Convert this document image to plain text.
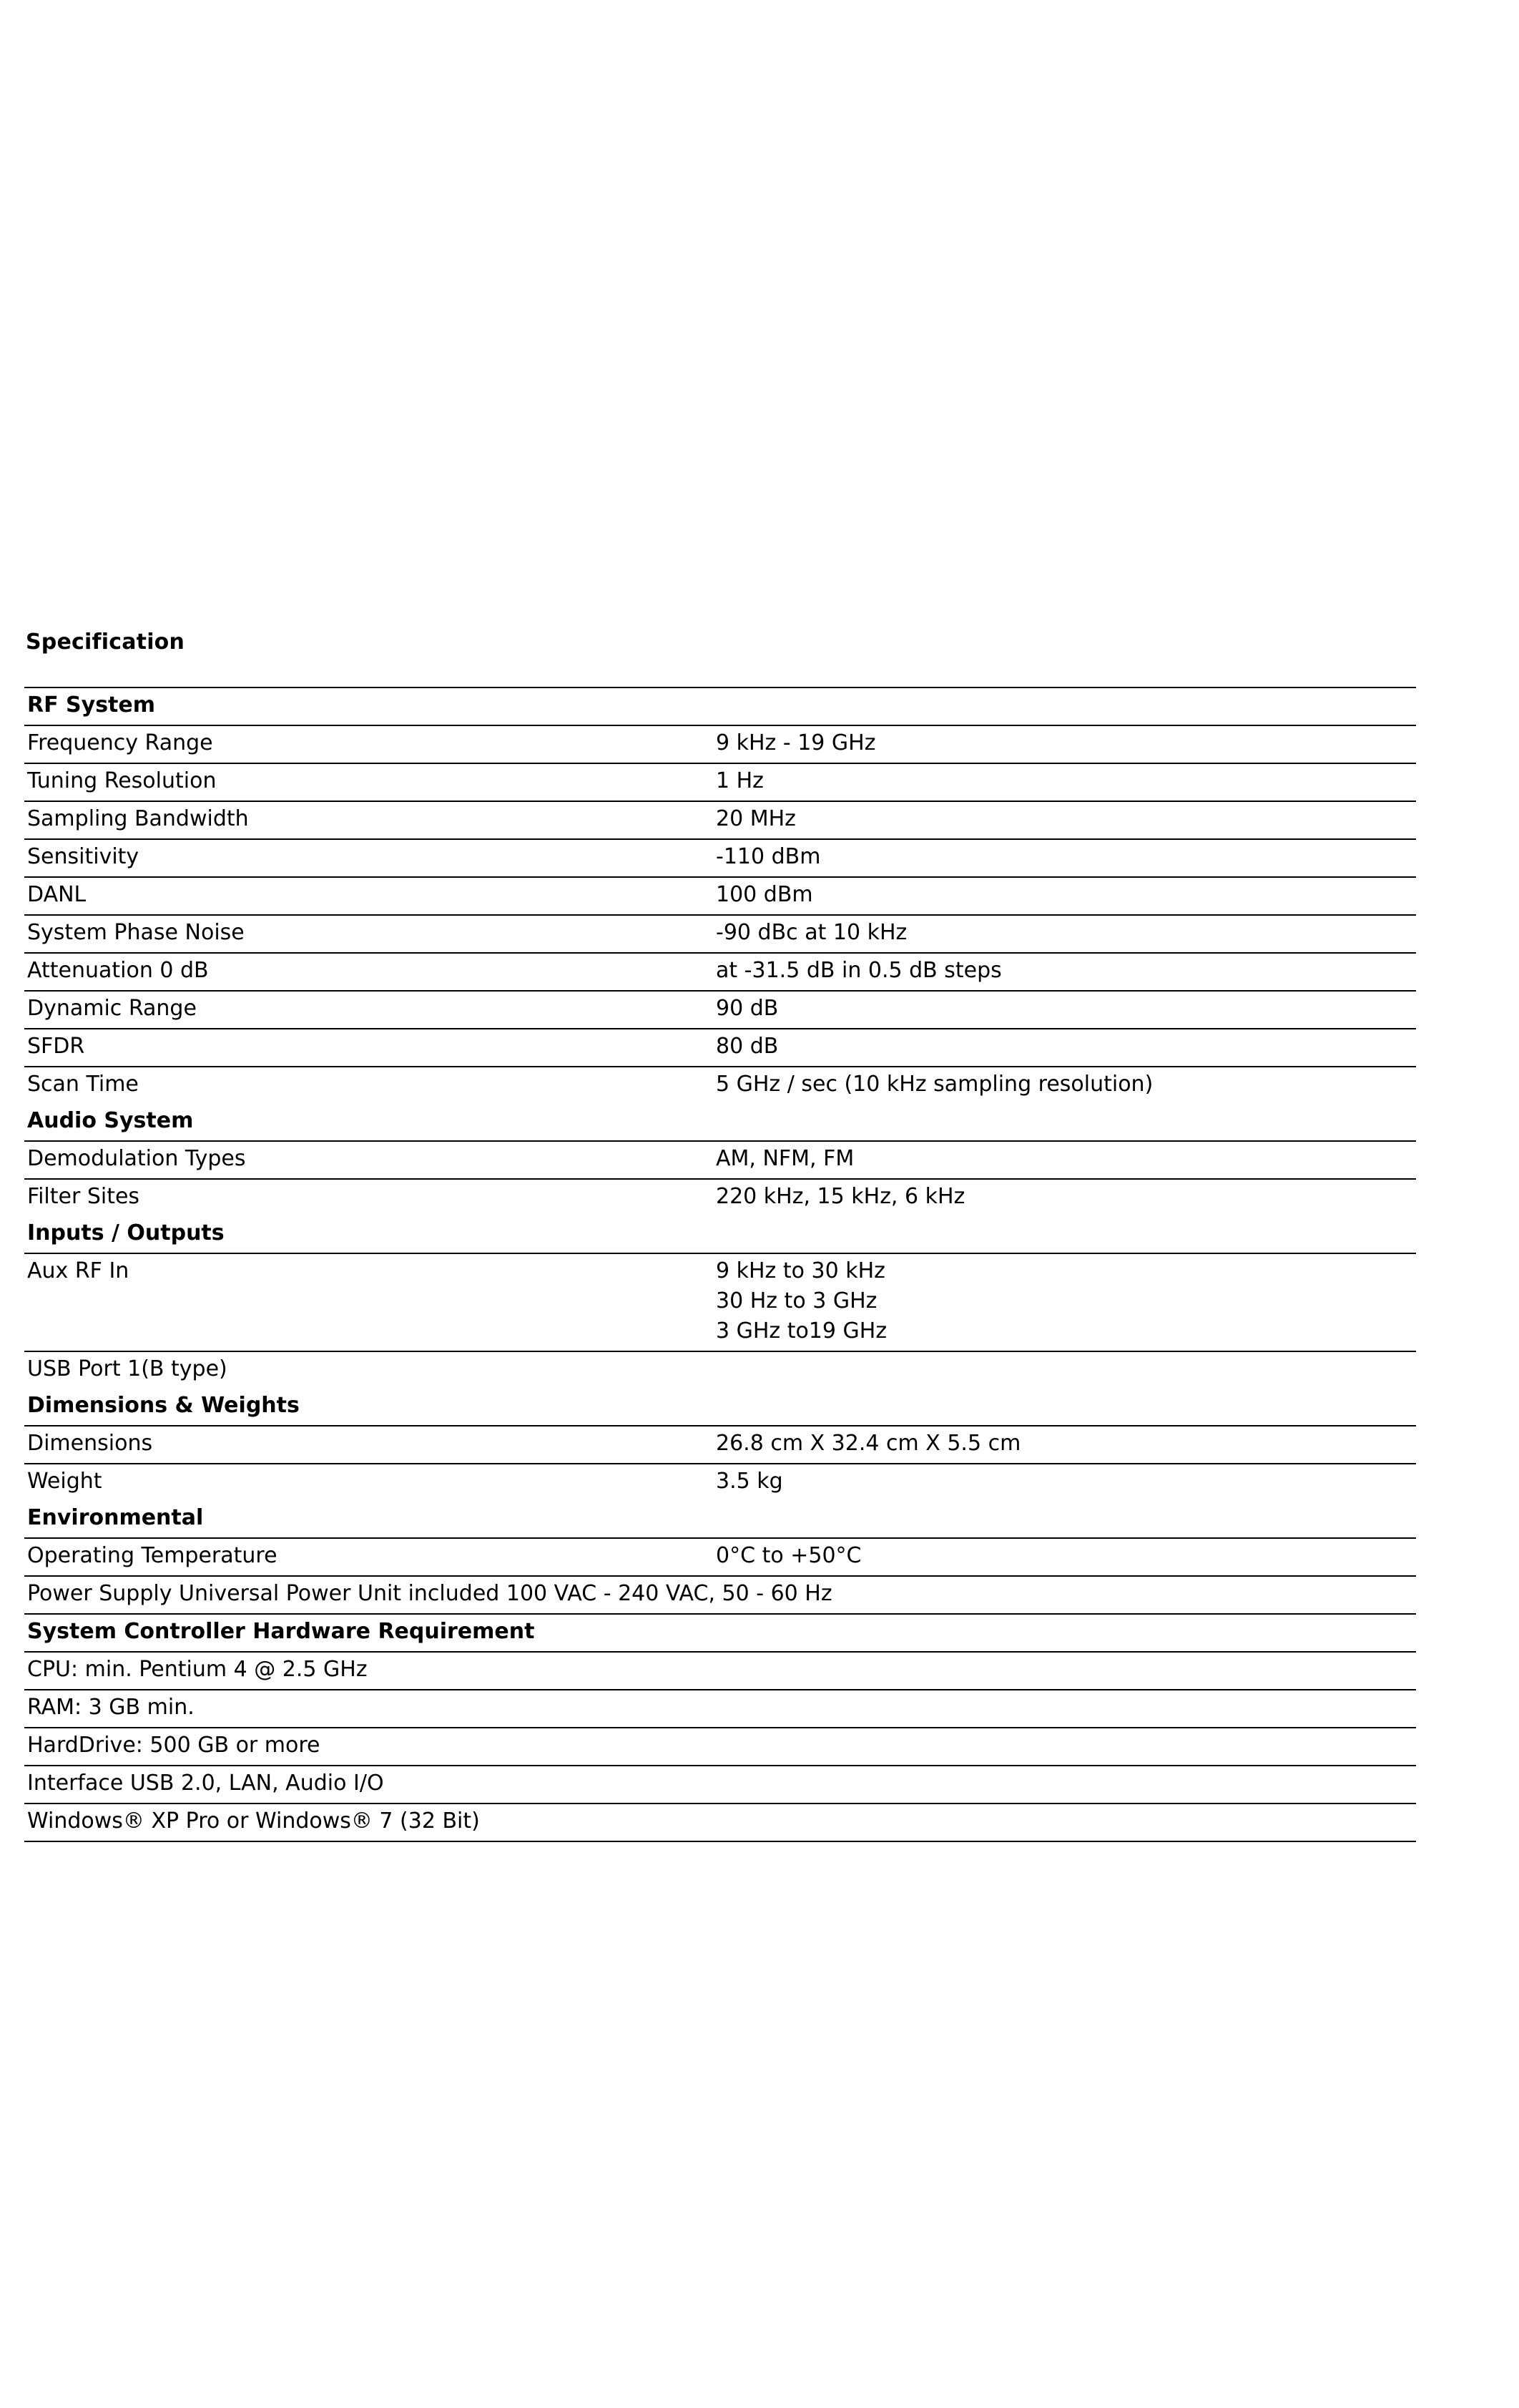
Specification
RF System	
Frequency Range	9 kHz - 19 GHz
Tuning Resolution	1 Hz
Sampling Bandwidth	20 MHz
Sensitivity	-110 dBm
DANL	100 dBm
System Phase Noise	-90 dBc at 10 kHz
Attenuation 0 dB	at -31.5 dB in 0.5 dB steps
Dynamic Range	90 dB
SFDR	80 dB
Scan Time	5 GHz / sec (10 kHz sampling resolution)
Audio System	
Demodulation Types	AM, NFM, FM
Filter Sites	220 kHz, 15 kHz, 6 kHz
Inputs / Outputs	
Aux RF In	9 kHz to 30 kHz
30 Hz to 3 GHz
3 GHz to19 GHz

USB Port 1(B type)	
Dimensions & Weights	
Dimensions	26.8 cm X 32.4 cm X 5.5 cm
Weight	3.5 kg
Environmental	
Operating Temperature	0°C to +50°C
Power Supply Universal Power Unit included 100 VAC - 240 VAC, 50 - 60 Hz	
System Controller Hardware Requirement	
CPU: min. Pentium 4 @ 2.5 GHz	
RAM: 3 GB min.	
HardDrive: 500 GB or more	
Interface USB 2.0, LAN, Audio I/O	
Windows® XP Pro or Windows® 7 (32 Bit)	
